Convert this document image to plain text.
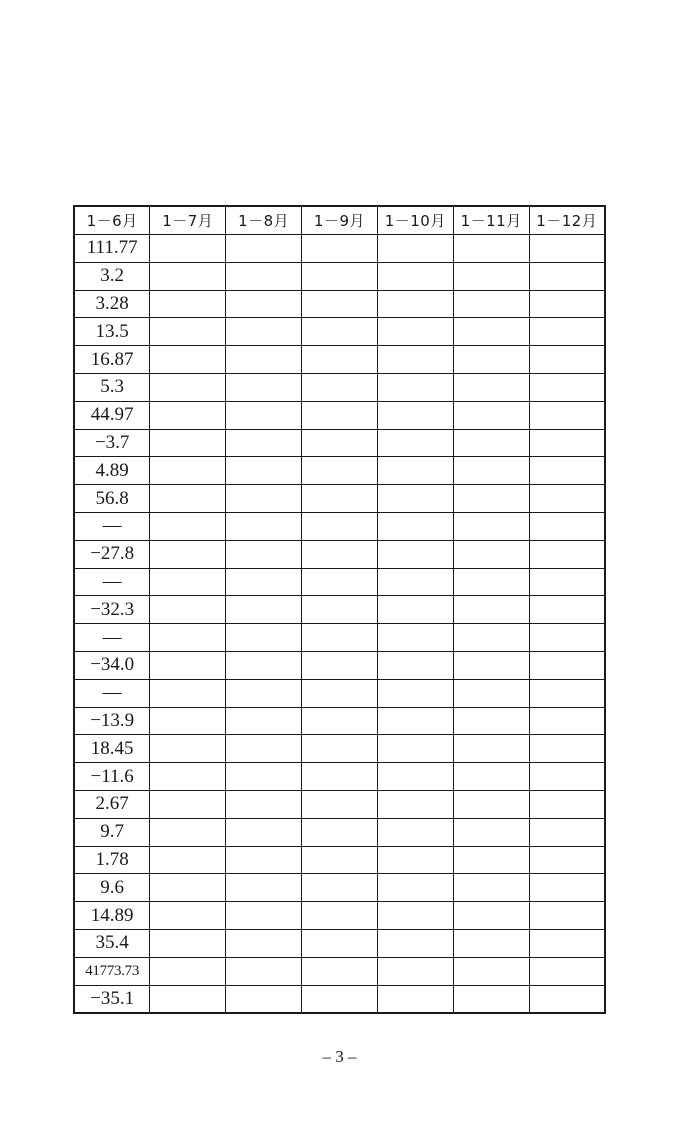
1－6月	1－7月	1－8月	1－9月	1－10月	1－11月	1－12月
111.77						
3.2						
3.28						
13.5						
16.87						
5.3						
44.97						
−3.7						
4.89						
56.8						
—						
−27.8						
—						
−32.3						
—						
−34.0						
—						
−13.9						
18.45						
−11.6						
2.67						
9.7						
1.78						
9.6						
14.89						
35.4						
41773.73						
−35.1						
– 3 –
